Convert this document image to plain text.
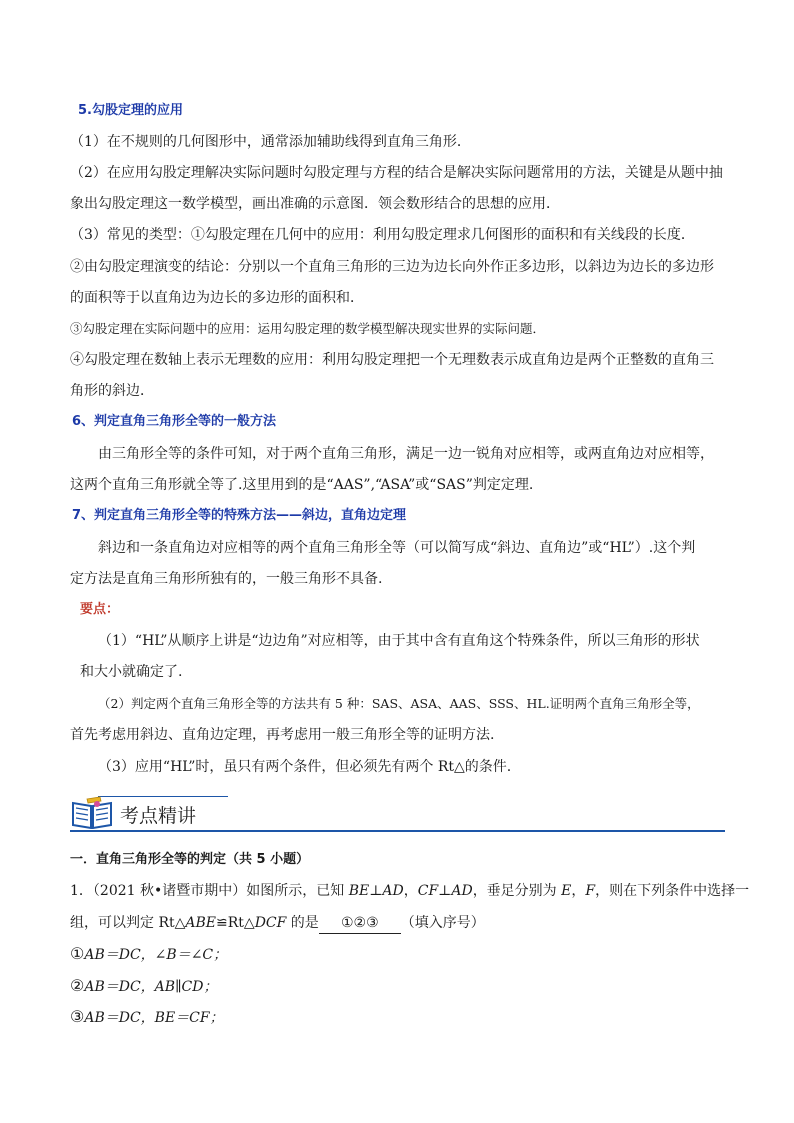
5.勾股定理的应用
（1）在不规则的几何图形中，通常添加辅助线得到直角三角形．
（2）在应用勾股定理解决实际问题时勾股定理与方程的结合是解决实际问题常用的方法，关键是从题中抽
象出勾股定理这一数学模型，画出准确的示意图．领会数形结合的思想的应用．
（3）常见的类型：①勾股定理在几何中的应用：利用勾股定理求几何图形的面积和有关线段的长度．
②由勾股定理演变的结论：分别以一个直角三角形的三边为边长向外作正多边形，以斜边为边长的多边形
的面积等于以直角边为边长的多边形的面积和．
③勾股定理在实际问题中的应用：运用勾股定理的数学模型解决现实世界的实际问题．
④勾股定理在数轴上表示无理数的应用：利用勾股定理把一个无理数表示成直角边是两个正整数的直角三
角形的斜边．
6、判定直角三角形全等的一般方法
由三角形全等的条件可知，对于两个直角三角形，满足一边一锐角对应相等，或两直角边对应相等，
这两个直角三角形就全等了.这里用到的是“AAS”,“ASA”或“SAS”判定定理.
7、判定直角三角形全等的特殊方法——斜边，直角边定理
斜边和一条直角边对应相等的两个直角三角形全等（可以简写成“斜边、直角边”或“HL”）.这个判
定方法是直角三角形所独有的，一般三角形不具备.
要点：
（1）“HL”从顺序上讲是“边边角”对应相等，由于其中含有直角这个特殊条件，所以三角形的形状
和大小就确定了.
（2）判定两个直角三角形全等的方法共有 5 种：SAS、ASA、AAS、SSS、HL.证明两个直角三角形全等，
首先考虑用斜边、直角边定理，再考虑用一般三角形全等的证明方法.
（3）应用“HL”时，虽只有两个条件，但必须先有两个 Rt△的条件.
考点精讲
一．直角三角形全等的判定（共 5 小题）
1．（2021 秋•诸暨市期中）如图所示，已知 BE⊥AD，CF⊥AD，垂足分别为 E，F，则在下列条件中选择一
组，可以判定 Rt△ABE≌Rt△DCF 的是 ①②③ （填入序号）
①AB＝DC，∠B＝∠C；
②AB＝DC，AB∥CD；
③AB＝DC，BE＝CF；
